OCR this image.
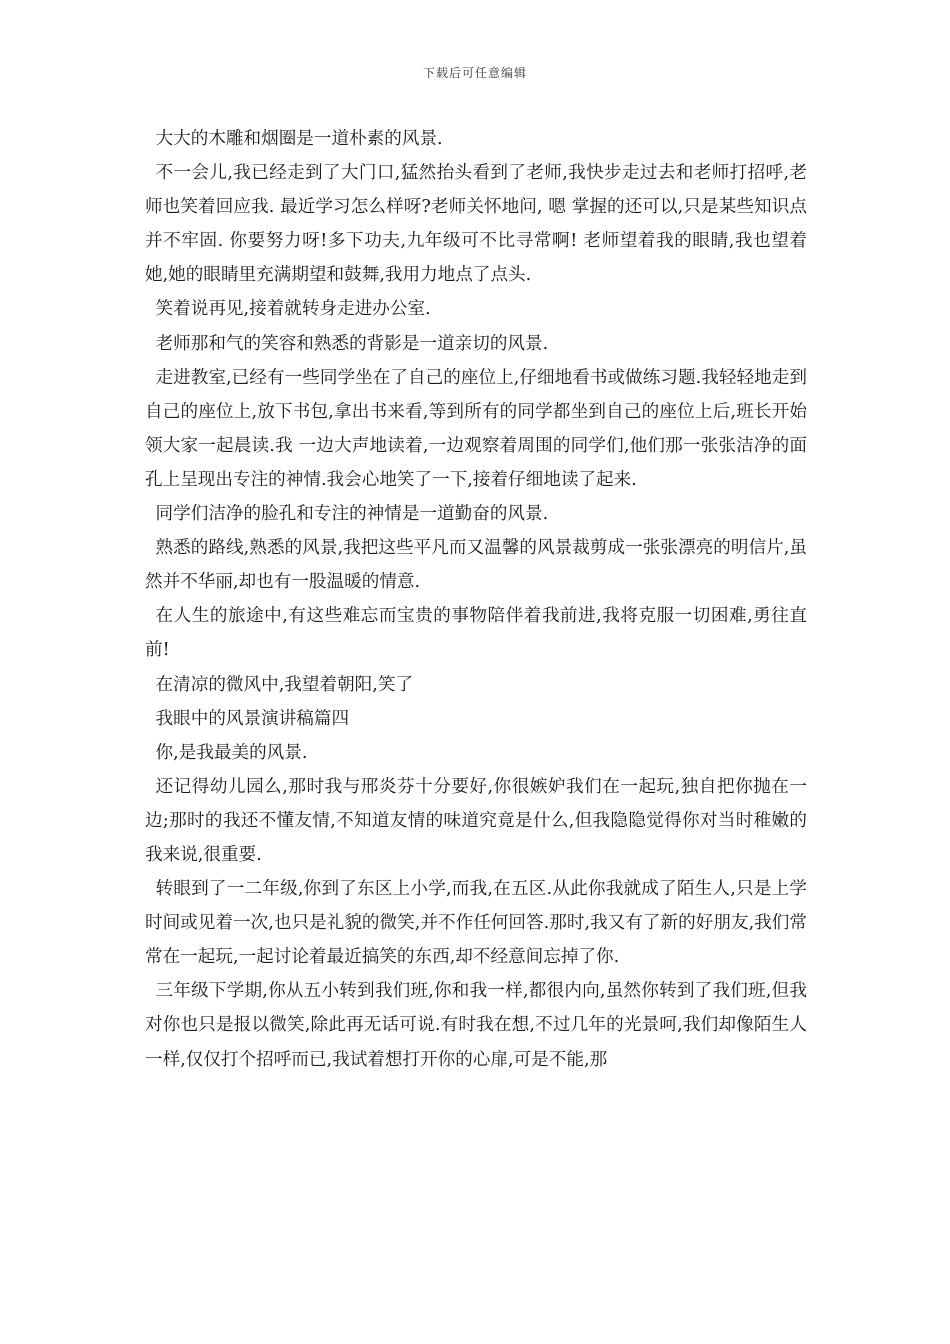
下载后可任意编辑

大大的木雕和烟圈是一道朴素的风景.

不一会儿,我已经走到了大门口,猛然抬头看到了老师,我快步走过去和老师打招呼,老师也笑着回应我. 最近学习怎么样呀?老师关怀地问, 嗯 掌握的还可以,只是某些知识点并不牢固. 你要努力呀!多下功夫,九年级可不比寻常啊! 老师望着我的眼睛,我也望着她,她的眼睛里充满期望和鼓舞,我用力地点了点头.

笑着说再见,接着就转身走进办公室.

老师那和气的笑容和熟悉的背影是一道亲切的风景.

走进教室,已经有一些同学坐在了自己的座位上,仔细地看书或做练习题.我轻轻地走到自己的座位上,放下书包,拿出书来看,等到所有的同学都坐到自己的座位上后,班长开始领大家一起晨读.我 一边大声地读着,一边观察着周围的同学们,他们那一张张洁净的面孔上呈现出专注的神情.我会心地笑了一下,接着仔细地读了起来.

同学们洁净的脸孔和专注的神情是一道勤奋的风景.

熟悉的路线,熟悉的风景,我把这些平凡而又温馨的风景裁剪成一张张漂亮的明信片,虽然并不华丽,却也有一股温暖的情意.

在人生的旅途中,有这些难忘而宝贵的事物陪伴着我前进,我将克服一切困难,勇往直前!

在清凉的微风中,我望着朝阳,笑了

我眼中的风景演讲稿篇四

你,是我最美的风景.

还记得幼儿园么,那时我与邢炎芬十分要好,你很嫉妒我们在一起玩,独自把你抛在一边;那时的我还不懂友情,不知道友情的味道究竟是什么,但我隐隐觉得你对当时稚嫩的我来说,很重要.

转眼到了一二年级,你到了东区上小学,而我,在五区.从此你我就成了陌生人,只是上学时间或见着一次,也只是礼貌的微笑,并不作任何回答.那时,我又有了新的好朋友,我们常常在一起玩,一起讨论着最近搞笑的东西,却不经意间忘掉了你.

三年级下学期,你从五小转到我们班,你和我一样,都很内向,虽然你转到了我们班,但我对你也只是报以微笑,除此再无话可说.有时我在想,不过几年的光景呵,我们却像陌生人一样,仅仅打个招呼而已,我试着想打开你的心扉,可是不能,那
